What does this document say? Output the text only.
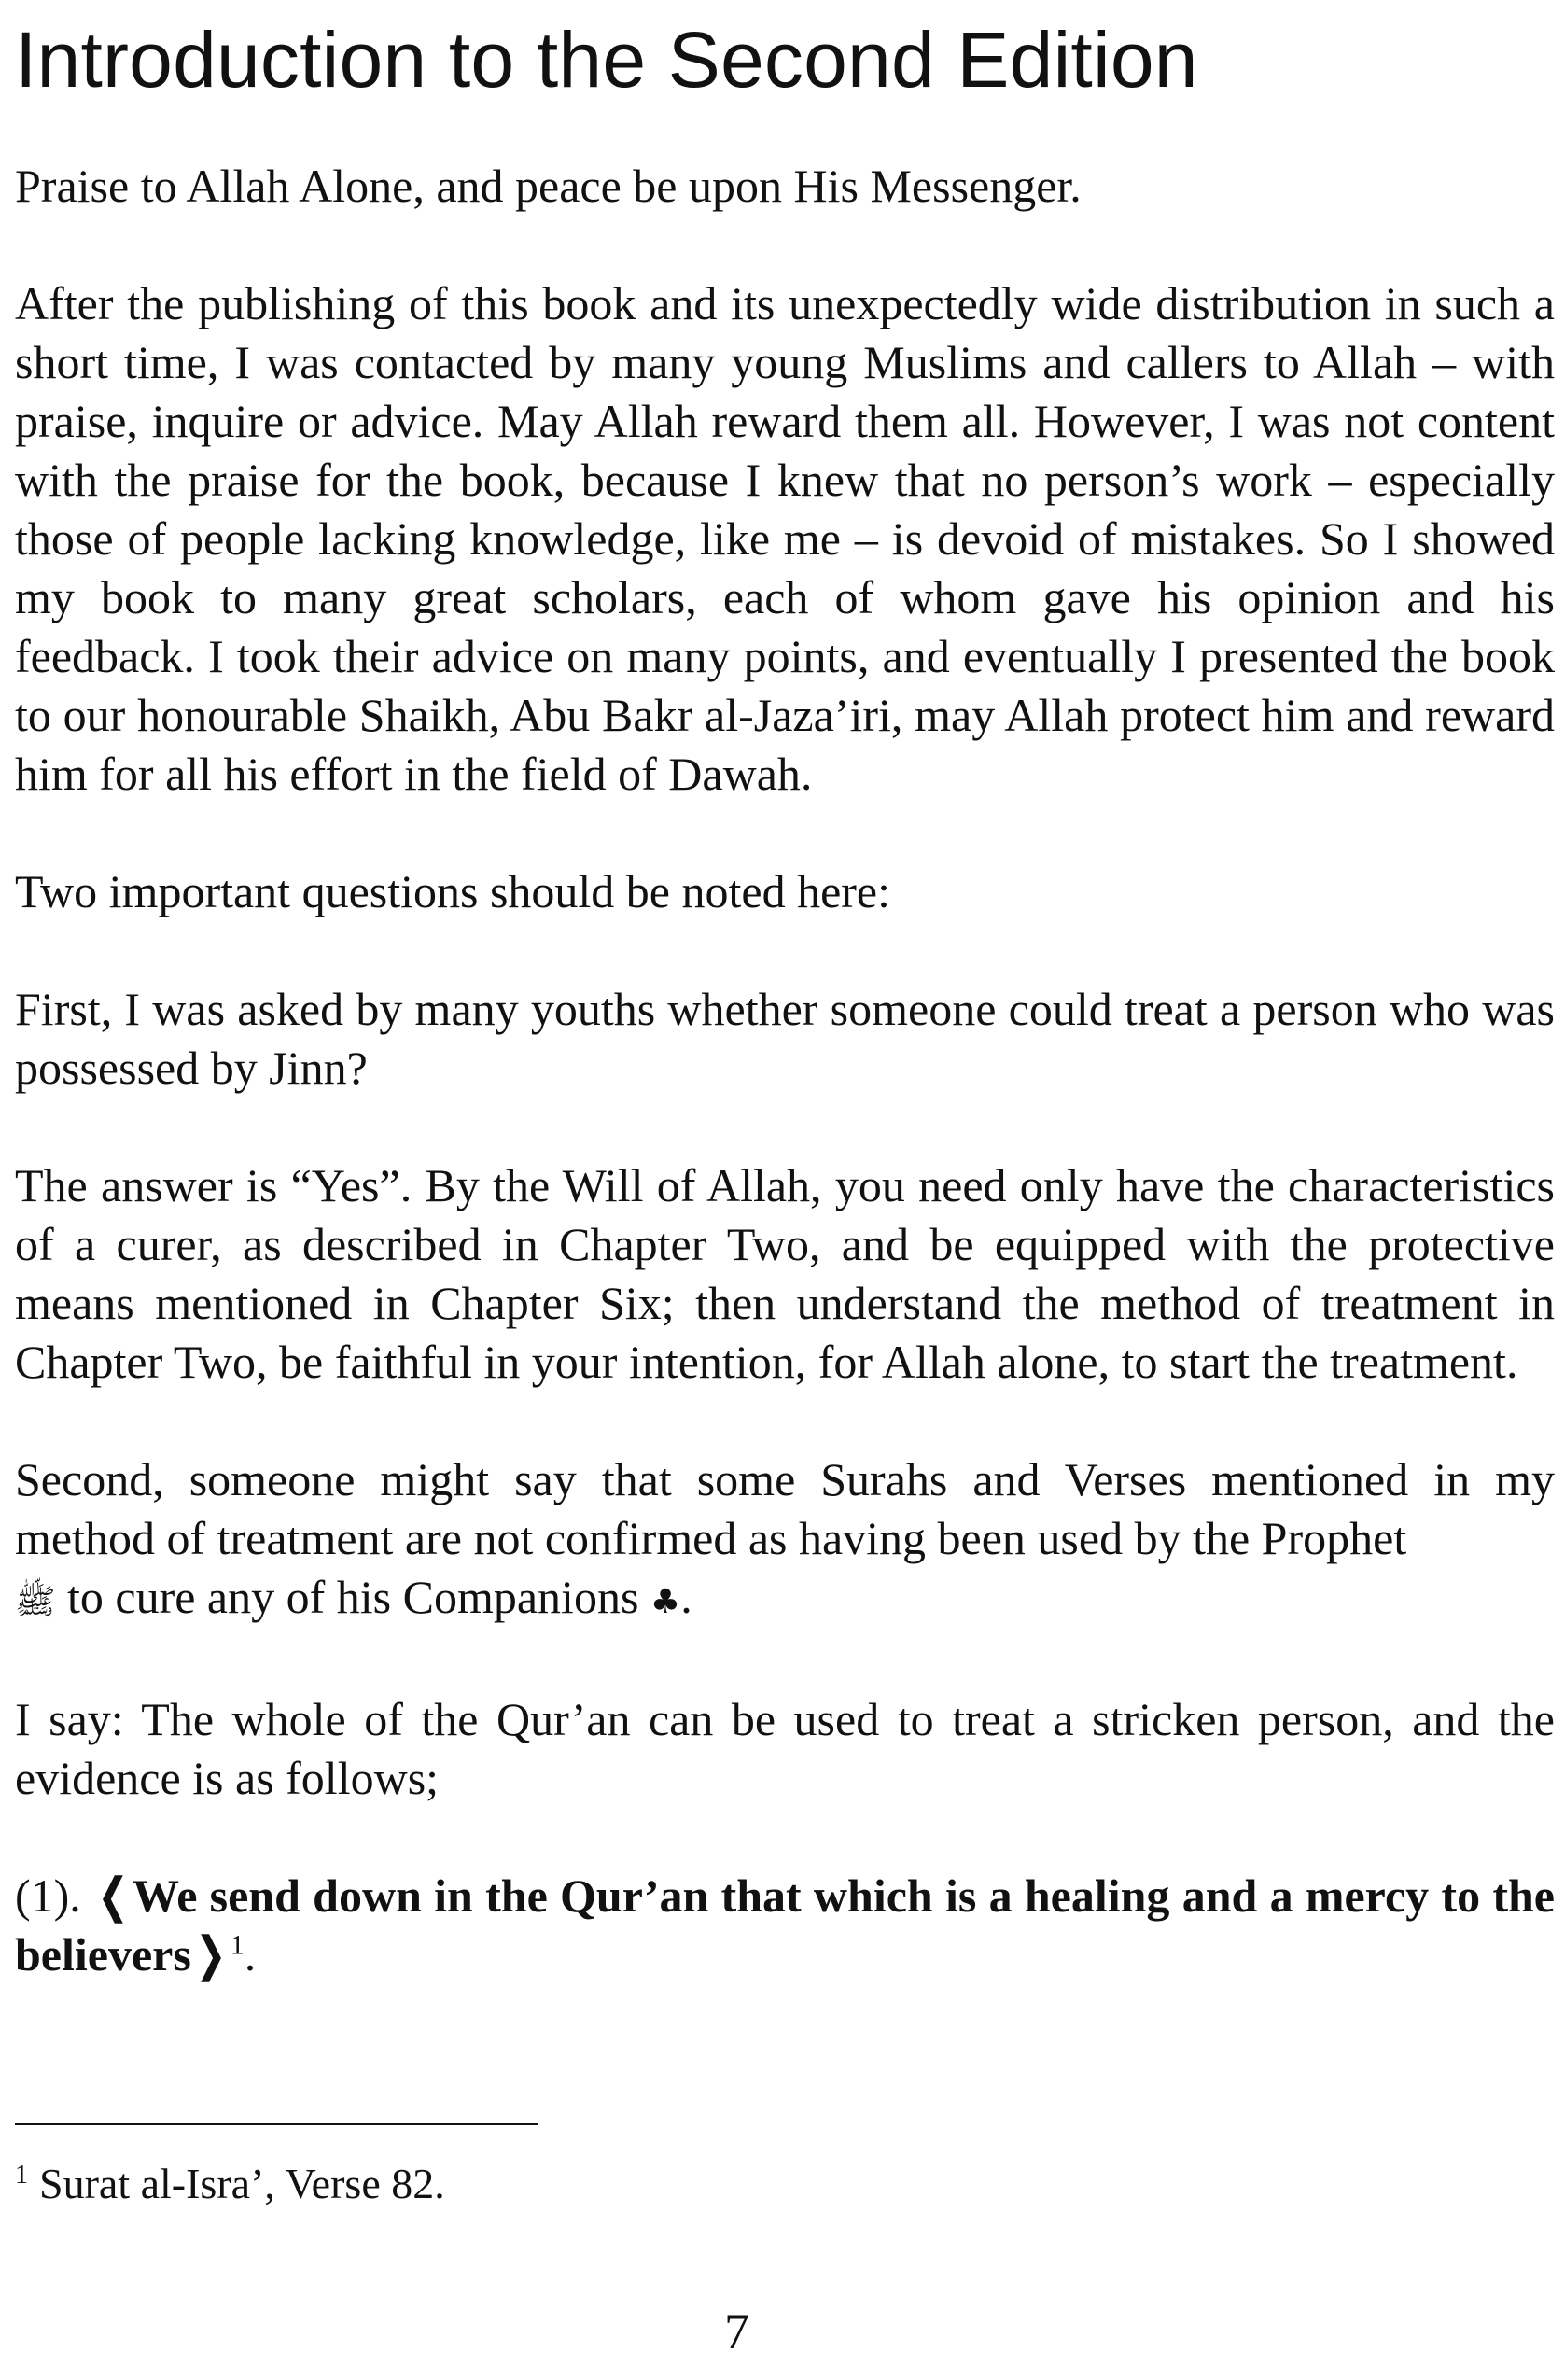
Introduction to the Second Edition

Praise to Allah Alone, and peace be upon His Messenger.

After the publishing of this book and its unexpectedly wide distribution in such a short time, I was contacted by many young Muslims and callers to Allah – with praise, inquire or advice. May Allah reward them all. However, I was not content with the praise for the book, because I knew that no person’s work – especially those of people lacking knowledge, like me – is devoid of mistakes. So I showed my book to many great scholars, each of whom gave his opinion and his feedback. I took their advice on many points, and eventually I presented the book to our honourable Shaikh, Abu Bakr al-Jaza’iri, may Allah protect him and reward him for all his effort in the field of Dawah.

Two important questions should be noted here:

First, I was asked by many youths whether someone could treat a person who was possessed by Jinn?

The answer is “Yes”. By the Will of Allah, you need only have the characteristics of a curer, as described in Chapter Two, and be equipped with the protective means mentioned in Chapter Six; then understand the method of treatment in Chapter Two, be faithful in your intention, for Allah alone, to start the treatment.

Second, someone might say that some Surahs and Verses mentioned in my method of treatment are not confirmed as having been used by the Prophet
ﷺ to cure any of his Companions ♣.

I say: The whole of the Qur’an can be used to treat a stricken person, and the evidence is as follows;

(1). ❬We send down in the Qur’an that which is a healing and a mercy to the believers❭$^1$.

$^1$ Surat al-Isra’, Verse 82.
7
